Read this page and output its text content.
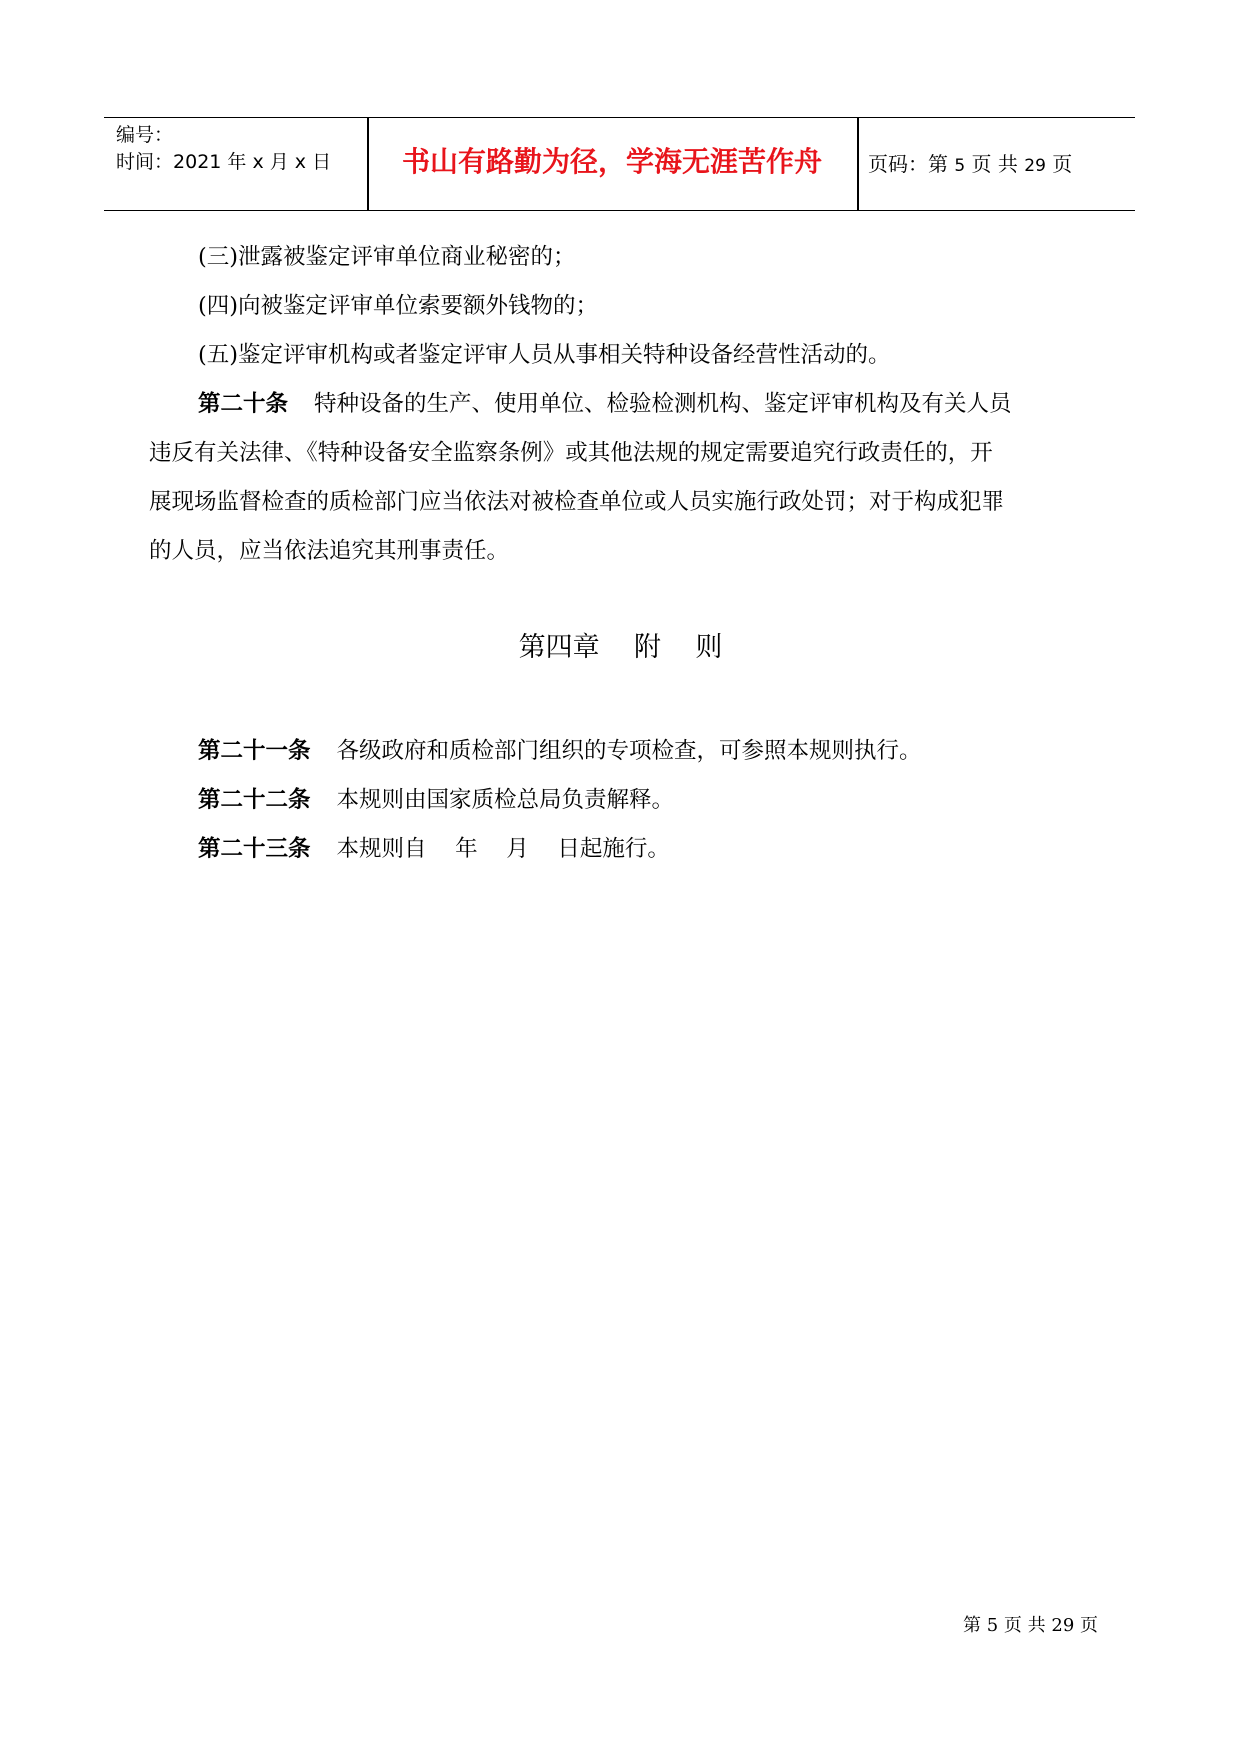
编号：
时间：2021 年 x 月 x 日	书山有路勤为径，学海无涯苦作舟	页码：第 5 页 共 29 页
(三)泄露被鉴定评审单位商业秘密的；
(四)向被鉴定评审单位索要额外钱物的；
(五)鉴定评审机构或者鉴定评审人员从事相关特种设备经营性活动的。
第二十条 特种设备的生产、使用单位、检验检测机构、鉴定评审机构及有关人员
违反有关法律、《特种设备安全监察条例》或其他法规的规定需要追究行政责任的，开
展现场监督检查的质检部门应当依法对被检查单位或人员实施行政处罚；对于构成犯罪
的人员，应当依法追究其刑事责任。
第四章    附    则
第二十一条 各级政府和质检部门组织的专项检查，可参照本规则执行。
第二十二条 本规则由国家质检总局负责解释。
第二十三条 本规则自    年    月    日起施行。
第 5 页 共 29 页
